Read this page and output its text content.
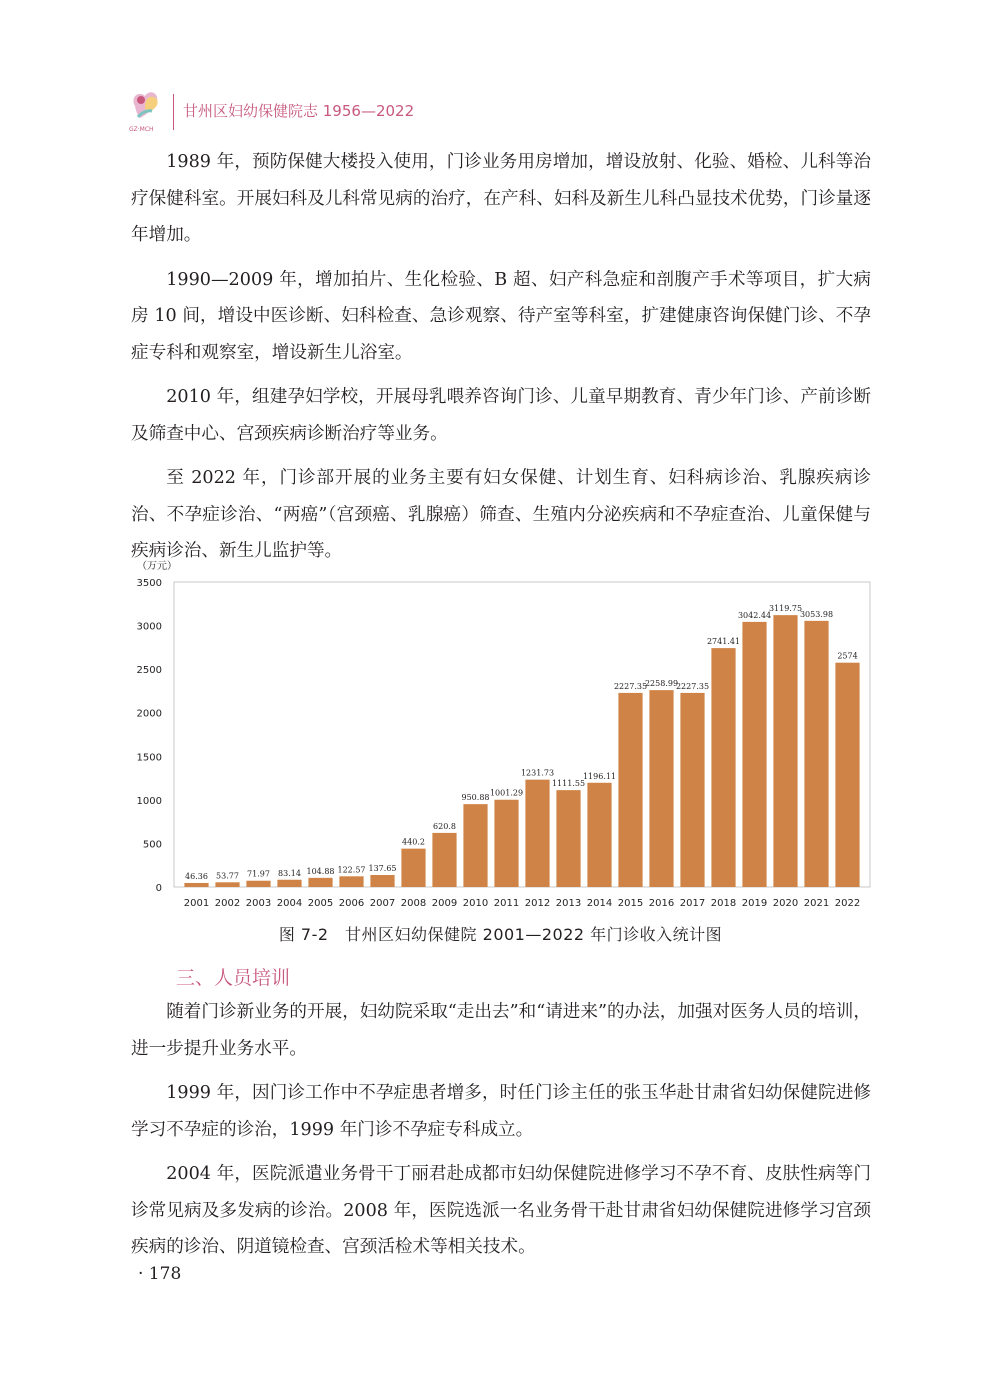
GZ·MCH
甘州区妇幼保健院志 1956—2022

1989 年，预防保健大楼投入使用，门诊业务用房增加，增设放射、化验、婚检、儿科等治疗保健科室。开展妇科及儿科常见病的治疗，在产科、妇科及新生儿科凸显技术优势，门诊量逐年增加。

1990—2009 年，增加拍片、生化检验、B 超、妇产科急症和剖腹产手术等项目，扩大病房 10 间，增设中医诊断、妇科检查、急诊观察、待产室等科室，扩建健康咨询保健门诊、不孕症专科和观察室，增设新生儿浴室。

2010 年，组建孕妇学校，开展母乳喂养咨询门诊、儿童早期教育、青少年门诊、产前诊断及筛查中心、宫颈疾病诊断治疗等业务。

至 2022 年，门诊部开展的业务主要有妇女保健、计划生育、妇科病诊治、乳腺疾病诊治、不孕症诊治、“两癌”（宫颈癌、乳腺癌）筛查、生殖内分泌疾病和不孕症查治、儿童保健与疾病诊治、新生儿监护等。

（万元）
0
500
1000
1500
2000
2500
3000
3500
46.36
2001
53.77
2002
71.97
2003
83.14
2004
104.88
2005
122.57
2006
137.65
2007
440.2
2008
620.8
2009
950.88
2010
1001.29
2011
1231.73
2012
1111.55
2013
1196.11
2014
2227.35
2015
2258.99
2016
2227.35
2017
2741.41
2018
3042.44
2019
3119.75
2020
3053.98
2021
2574
2022
图 7-2　甘州区妇幼保健院 2001—2022 年门诊收入统计图
三、人员培训

随着门诊新业务的开展，妇幼院采取“走出去”和“请进来”的办法，加强对医务人员的培训，进一步提升业务水平。

1999 年，因门诊工作中不孕症患者增多，时任门诊主任的张玉华赴甘肃省妇幼保健院进修学习不孕症的诊治，1999 年门诊不孕症专科成立。

2004 年，医院派遣业务骨干丁丽君赴成都市妇幼保健院进修学习不孕不育、皮肤性病等门诊常见病及多发病的诊治。2008 年，医院选派一名业务骨干赴甘肃省妇幼保健院进修学习宫颈疾病的诊治、阴道镜检查、宫颈活检术等相关技术。

· 178
